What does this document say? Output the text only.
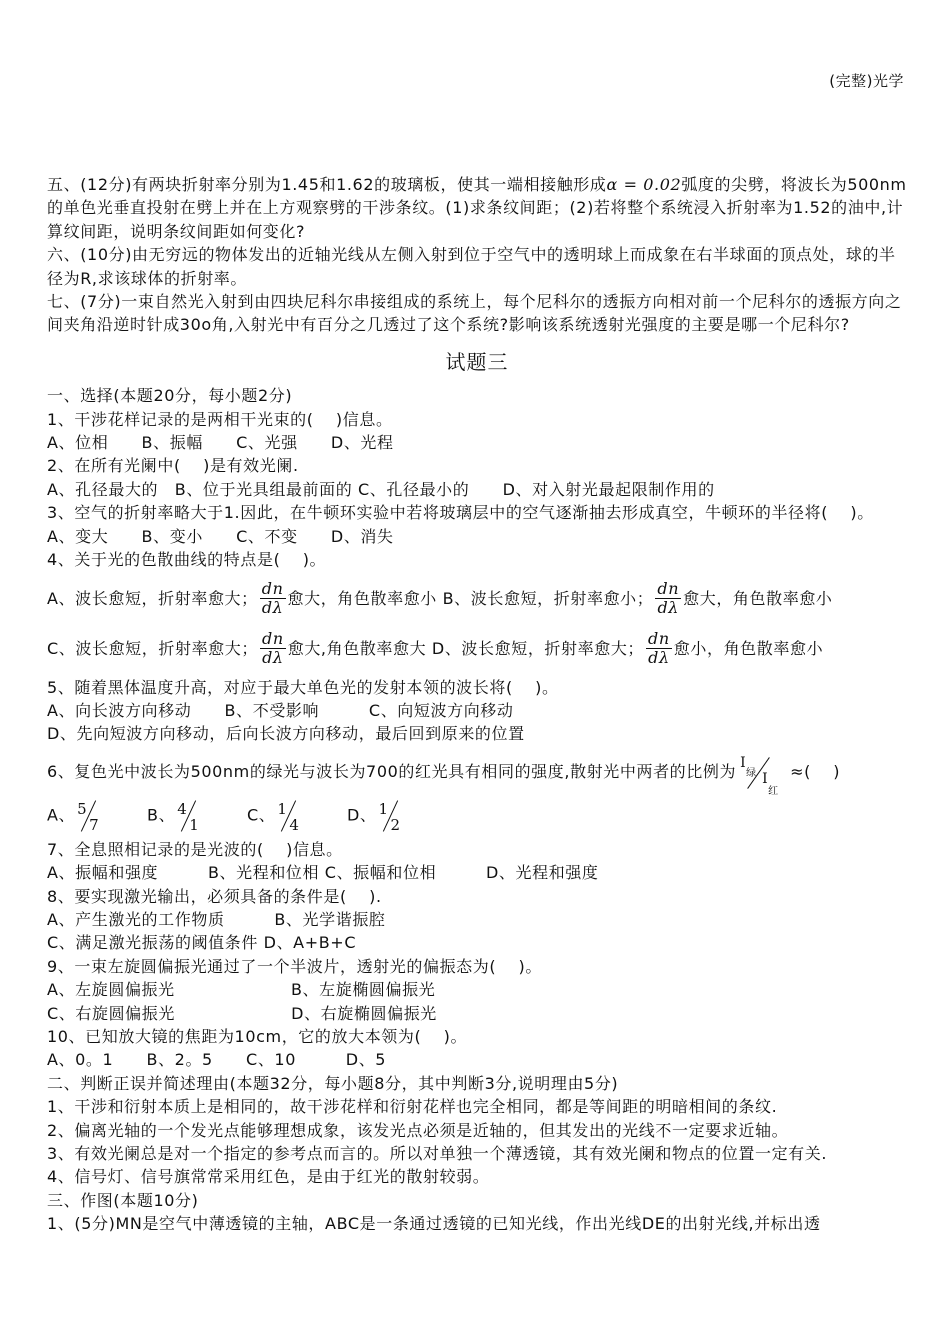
(完整)光学

五、(12分)有两块折射率分别为1.45和1.62的玻璃板，使其一端相接触形成α = 0.02弧度的尖劈，将波长为500nm的单色光垂直投射在劈上并在上方观察劈的干涉条纹。(1)求条纹间距；(2)若将整个系统浸入折射率为1.52的油中,计算纹间距，说明条纹间距如何变化?

六、(10分)由无穷远的物体发出的近轴光线从左侧入射到位于空气中的透明球上而成象在右半球面的顶点处，球的半径为R,求该球体的折射率。

七、(7分)一束自然光入射到由四块尼科尔串接组成的系统上，每个尼科尔的透振方向相对前一个尼科尔的透振方向之间夹角沿逆时针成30o角,入射光中有百分之几透过了这个系统?影响该系统透射光强度的主要是哪一个尼科尔?

试题三

一、选择(本题20分，每小题2分)

1、干涉花样记录的是两相干光束的(　 )信息。

A、位相　　B、振幅　　C、光强　　D、光程

2、在所有光阑中(　 )是有效光阑.

A、孔径最大的　B、位于光具组最前面的 C、孔径最小的　　D、对入射光最起限制作用的

3、空气的折射率略大于1.因此，在牛顿环实验中若将玻璃层中的空气逐渐抽去形成真空，牛顿环的半径将(　 )。

A、变大　　B、变小　　C、不变　　D、消失

4、关于光的色散曲线的特点是(　 )。

A、波长愈短，折射率愈大； $\frac{dn}{d\lambda}$ 愈大，角色散率愈小 B、波长愈短，折射率愈小； $\frac{dn}{d\lambda}$ 愈大，角色散率愈小
C、波长愈短，折射率愈大； $\frac{dn}{d\lambda}$ 愈大,角色散率愈大 D、波长愈短，折射率愈大； $\frac{dn}{d\lambda}$ 愈小，角色散率愈小

5、随着黑体温度升高，对应于最大单色光的发射本领的波长将(　 )。

A、向长波方向移动　　B、不受影响　　　C、向短波方向移动

D、先向短波方向移动，后向长波方向移动，最后回到原来的位置

6、复色光中波长为500nm的绿光与波长为700的红光具有相同的强度,散射光中两者的比例为 I
绿 I
红
≈(　 )
A、 5
7
B、 4
1
C、 1
4
D、 1
2

7、全息照相记录的是光波的(　 )信息。

A、振幅和强度　　　B、光程和位相 C、振幅和位相　　　D、光程和强度

8、要实现激光输出，必须具备的条件是(　 ).

A、产生激光的工作物质　　　B、光学谐振腔

C、满足激光振荡的阈值条件 D、A+B+C

9、一束左旋圆偏振光通过了一个半波片，透射光的偏振态为(　 )。

A、左旋圆偏振光　　　　　　　B、左旋椭圆偏振光

C、右旋圆偏振光　　　　　　　D、右旋椭圆偏振光

10、已知放大镜的焦距为10cm，它的放大本领为(　 )。

A、0。1　　B、2。5　　C、10　　　D、5

二、判断正误并简述理由(本题32分，每小题8分，其中判断3分,说明理由5分)

1、干涉和衍射本质上是相同的，故干涉花样和衍射花样也完全相同，都是等间距的明暗相间的条纹.

2、偏离光轴的一个发光点能够理想成象，该发光点必须是近轴的，但其发出的光线不一定要求近轴。

3、有效光阑总是对一个指定的参考点而言的。所以对单独一个薄透镜，其有效光阑和物点的位置一定有关.

4、信号灯、信号旗常常采用红色，是由于红光的散射较弱。

三、作图(本题10分)

1、(5分)MN是空气中薄透镜的主轴，ABC是一条通过透镜的已知光线，作出光线DE的出射光线,并标出透
